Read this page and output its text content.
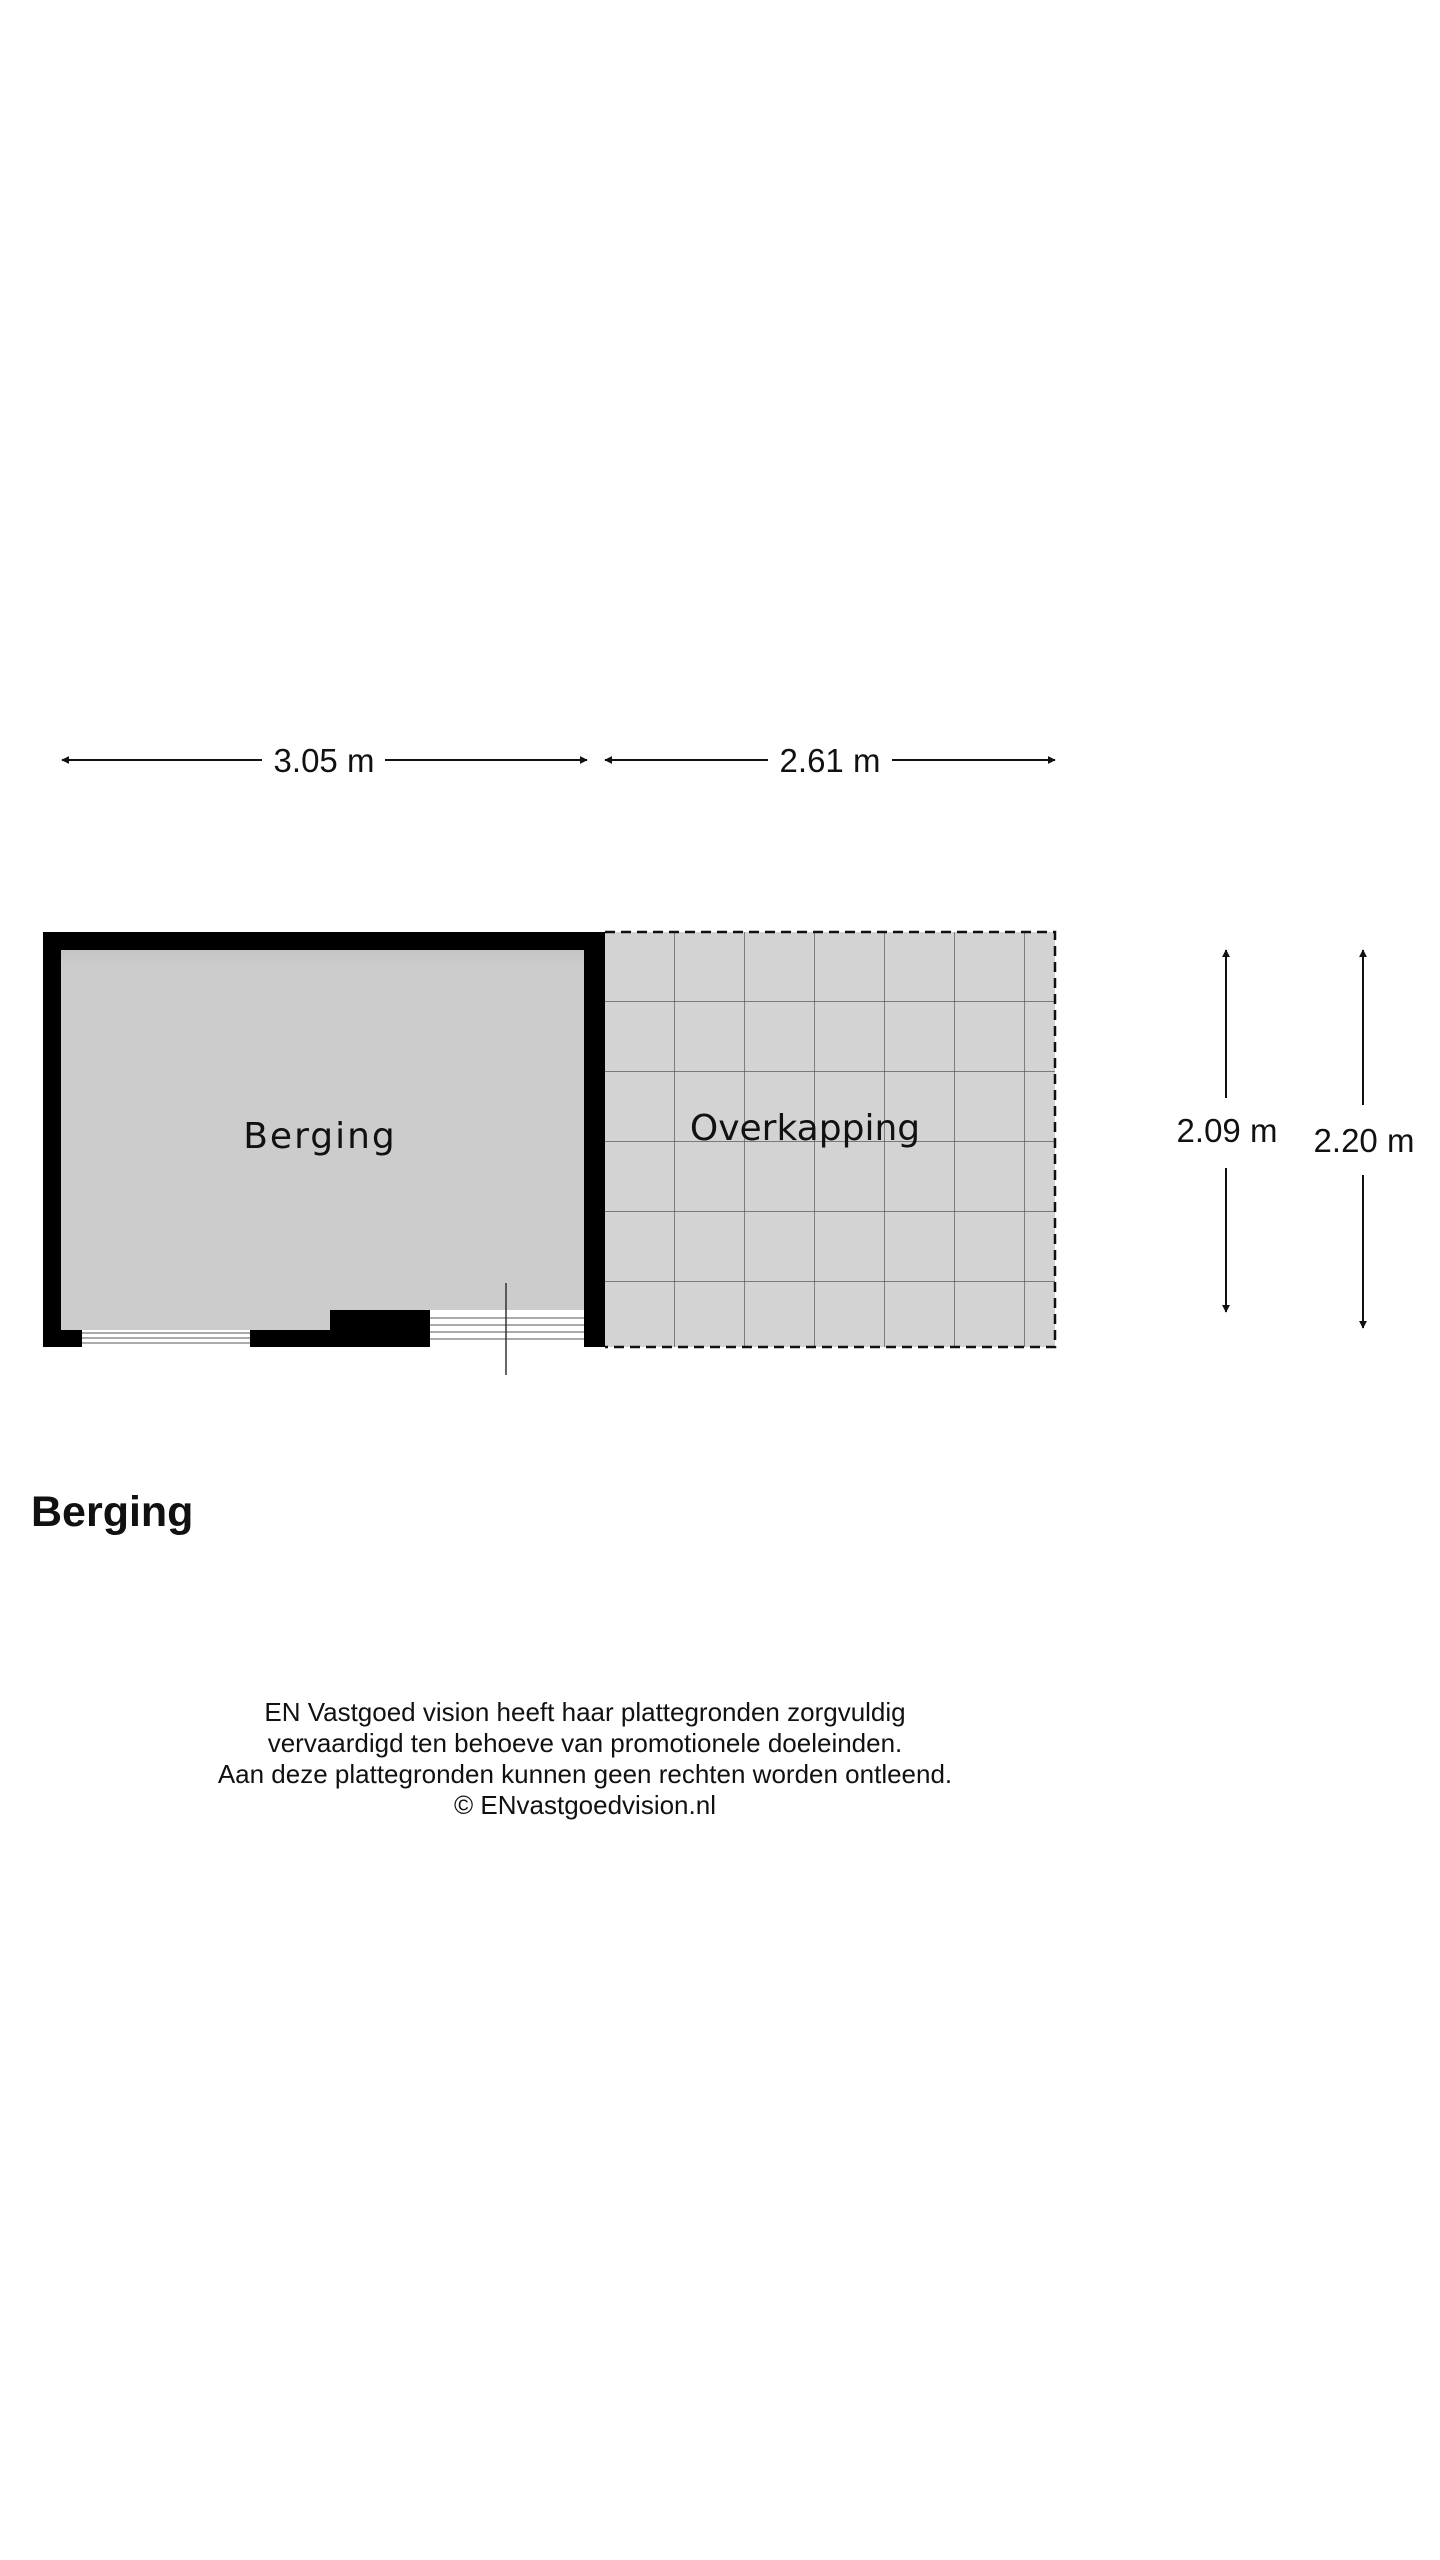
3.05 m	2.61 m
Overkapping
Berging	2.09 m 2.20 m
Berging
EN Vastgoed vision heeft haar plattegronden zorgvuldig
vervaardigd ten behoeve van promotionele doeleinden.
Aan deze plattegronden kunnen geen rechten worden ontleend.
© ENvastgoedvision.nl
